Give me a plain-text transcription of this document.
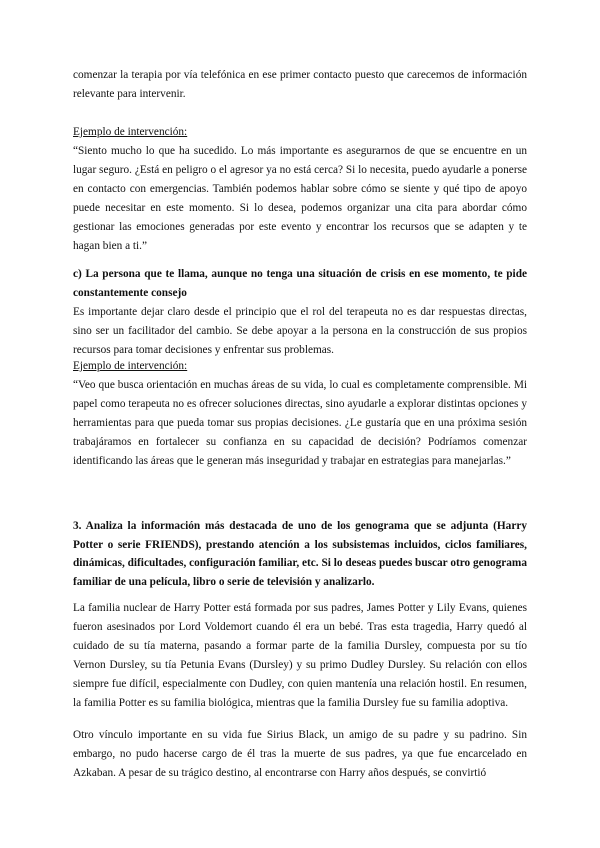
comenzar la terapia por vía telefónica en ese primer contacto puesto que carecemos de información relevante para intervenir.

Ejemplo de intervención:
“Siento mucho lo que ha sucedido. Lo más importante es asegurarnos de que se encuentre en un lugar seguro. ¿Está en peligro o el agresor ya no está cerca? Si lo necesita, puedo ayudarle a ponerse en contacto con emergencias. También podemos hablar sobre cómo se siente y qué tipo de apoyo puede necesitar en este momento. Si lo desea, podemos organizar una cita para abordar cómo gestionar las emociones generadas por este evento y encontrar los recursos que se adapten y te hagan bien a ti.”
c) La persona que te llama, aunque no tenga una situación de crisis en ese momento, te pide constantemente consejo
Es importante dejar claro desde el principio que el rol del terapeuta no es dar respuestas directas, sino ser un facilitador del cambio. Se debe apoyar a la persona en la construcción de sus propios recursos para tomar decisiones y enfrentar sus problemas.
Ejemplo de intervención:
“Veo que busca orientación en muchas áreas de su vida, lo cual es completamente comprensible. Mi papel como terapeuta no es ofrecer soluciones directas, sino ayudarle a explorar distintas opciones y herramientas para que pueda tomar sus propias decisiones. ¿Le gustaría que en una próxima sesión trabajáramos en fortalecer su confianza en su capacidad de decisión? Podríamos comenzar identificando las áreas que le generan más inseguridad y trabajar en estrategias para manejarlas.”

3. Analiza la información más destacada de uno de los genograma que se adjunta (Harry Potter o serie FRIENDS), prestando atención a los subsistemas incluidos, ciclos familiares, dinámicas, dificultades, configuración familiar, etc. Si lo deseas puedes buscar otro genograma familiar de una película, libro o serie de televisión y analizarlo.

La familia nuclear de Harry Potter está formada por sus padres, James Potter y Lily Evans, quienes fueron asesinados por Lord Voldemort cuando él era un bebé. Tras esta tragedia, Harry quedó al cuidado de su tía materna, pasando a formar parte de la familia Dursley, compuesta por su tío Vernon Dursley, su tía Petunia Evans (Dursley) y su primo Dudley Dursley. Su relación con ellos siempre fue difícil, especialmente con Dudley, con quien mantenía una relación hostil. En resumen, la familia Potter es su familia biológica, mientras que la familia Dursley fue su familia adoptiva.

Otro vínculo importante en su vida fue Sirius Black, un amigo de su padre y su padrino. Sin embargo, no pudo hacerse cargo de él tras la muerte de sus padres, ya que fue encarcelado en Azkaban. A pesar de su trágico destino, al encontrarse con Harry años después, se convirtió
